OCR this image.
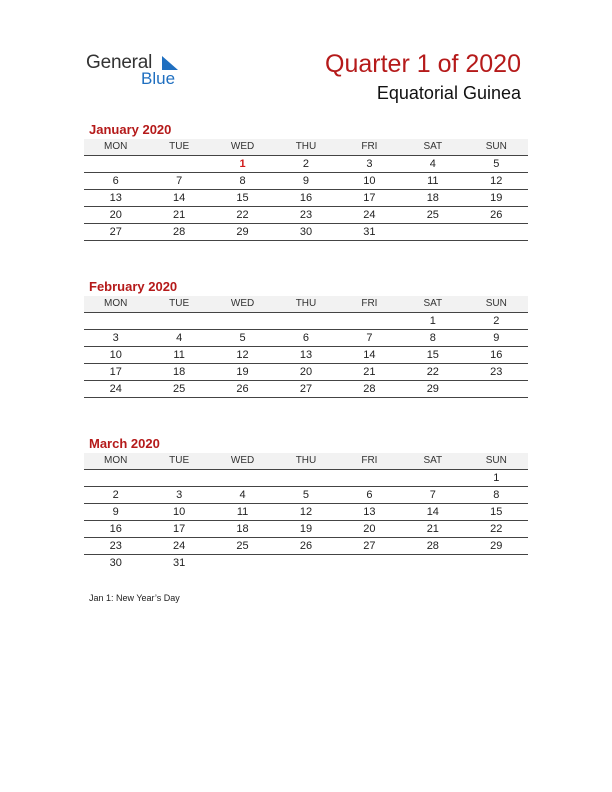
General
Blue
Quarter 1 of 2020
Equatorial Guinea
January 2020
MON	TUE	WED	THU	FRI	SAT	SUN
		1	2	3	4	5
6	7	8	9	10	11	12
13	14	15	16	17	18	19
20	21	22	23	24	25	26
27	28	29	30	31		
February 2020
MON	TUE	WED	THU	FRI	SAT	SUN
					1	2
3	4	5	6	7	8	9
10	11	12	13	14	15	16
17	18	19	20	21	22	23
24	25	26	27	28	29	
March 2020
MON	TUE	WED	THU	FRI	SAT	SUN
						1
2	3	4	5	6	7	8
9	10	11	12	13	14	15
16	17	18	19	20	21	22
23	24	25	26	27	28	29
30	31					
Jan 1: New Year’s Day
